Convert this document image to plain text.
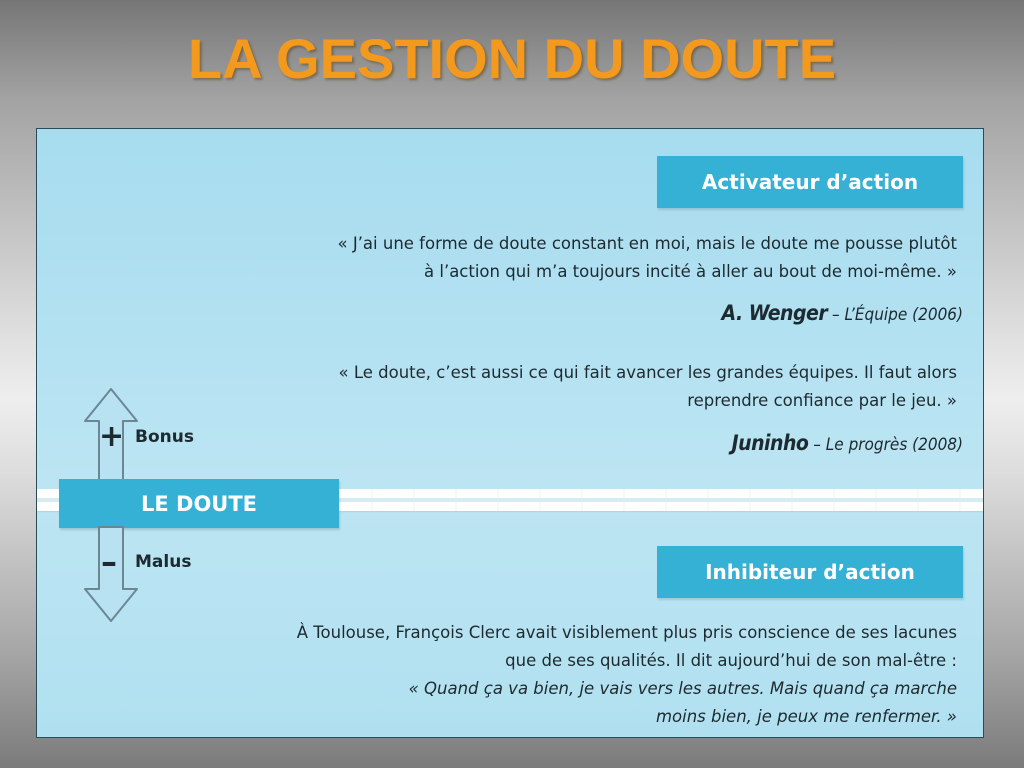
LA GESTION DU DOUTE
Activateur d’action
« J’ai une forme de doute constant en moi, mais le doute me pousse plutôt
à l’action qui m’a toujours incité à aller au bout de moi-même. »
A. Wenger – L’Équipe (2006)
« Le doute, c’est aussi ce qui fait avancer les grandes équipes. Il faut alors
reprendre confiance par le jeu. »
Juninho – Le progrès (2008)
+ Bonus
LE DOUTE
– Malus	Inhibiteur d’action
À Toulouse, François Clerc avait visiblement plus pris conscience de ses lacunes
que de ses qualités. Il dit aujourd’hui de son mal-être :
« Quand ça va bien, je vais vers les autres. Mais quand ça marche
moins bien, je peux me renfermer. »
